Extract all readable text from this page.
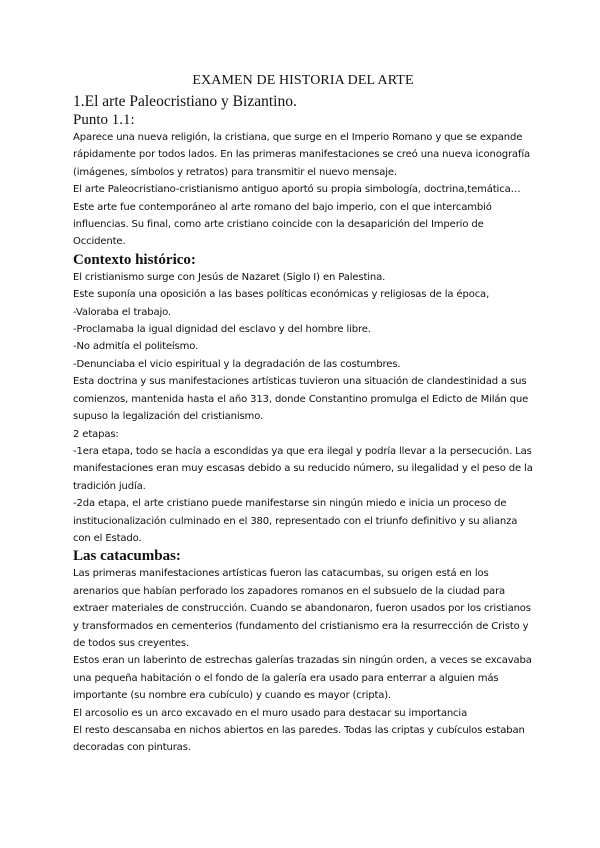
EXAMEN DE HISTORIA DEL ARTE
1.El arte Paleocristiano y Bizantino.
Punto 1.1:

Aparece una nueva religión, la cristiana, que surge en el Imperio Romano y que se expande rápidamente por todos lados. En las primeras manifestaciones se creó una nueva iconografía (imágenes, símbolos y retratos) para transmitir el nuevo mensaje.

El arte Paleocristiano-cristianismo antiguo aportó su propia simbología, doctrina,temática…

Este arte fue contemporáneo al arte romano del bajo imperio, con el que intercambió influencias. Su final, como arte cristiano coincide con la desaparición del Imperio de Occidente.

Contexto histórico:

El cristianismo surge con Jesús de Nazaret (Siglo I) en Palestina.

Este suponía una oposición a las bases políticas económicas y religiosas de la época,

-Valoraba el trabajo.

-Proclamaba la igual dignidad del esclavo y del hombre libre.

-No admitía el politeísmo.

-Denunciaba el vicio espiritual y la degradación de las costumbres.

Esta doctrina y sus manifestaciones artísticas tuvieron una situación de clandestinidad a sus comienzos, mantenida hasta el año 313, donde Constantino promulga el Edicto de Milán que supuso la legalización del cristianismo.

2 etapas:

-1era etapa, todo se hacía a escondidas ya que era ilegal y podría llevar a la persecución. Las manifestaciones eran muy escasas debido a su reducido número, su ilegalidad y el peso de la tradición judía.

-2da etapa, el arte cristiano puede manifestarse sin ningún miedo e inicia un proceso de institucionalización culminado en el 380, representado con el triunfo definitivo y su alianza con el Estado.

Las catacumbas:

Las primeras manifestaciones artísticas fueron las catacumbas, su origen está en los arenarios que habían perforado los zapadores romanos en el subsuelo de la ciudad para extraer materiales de construcción. Cuando se abandonaron, fueron usados por los cristianos y transformados en cementerios (fundamento del cristianismo era la resurrección de Cristo y de todos sus creyentes.

Estos eran un laberinto de estrechas galerías trazadas sin ningún orden, a veces se excavaba una pequeña habitación o el fondo de la galería era usado para enterrar a alguien más importante (su nombre era cubículo) y cuando es mayor (cripta).

El arcosolio es un arco excavado en el muro usado para destacar su importancia

El resto descansaba en nichos abiertos en las paredes. Todas las criptas y cubículos estaban decoradas con pinturas.
